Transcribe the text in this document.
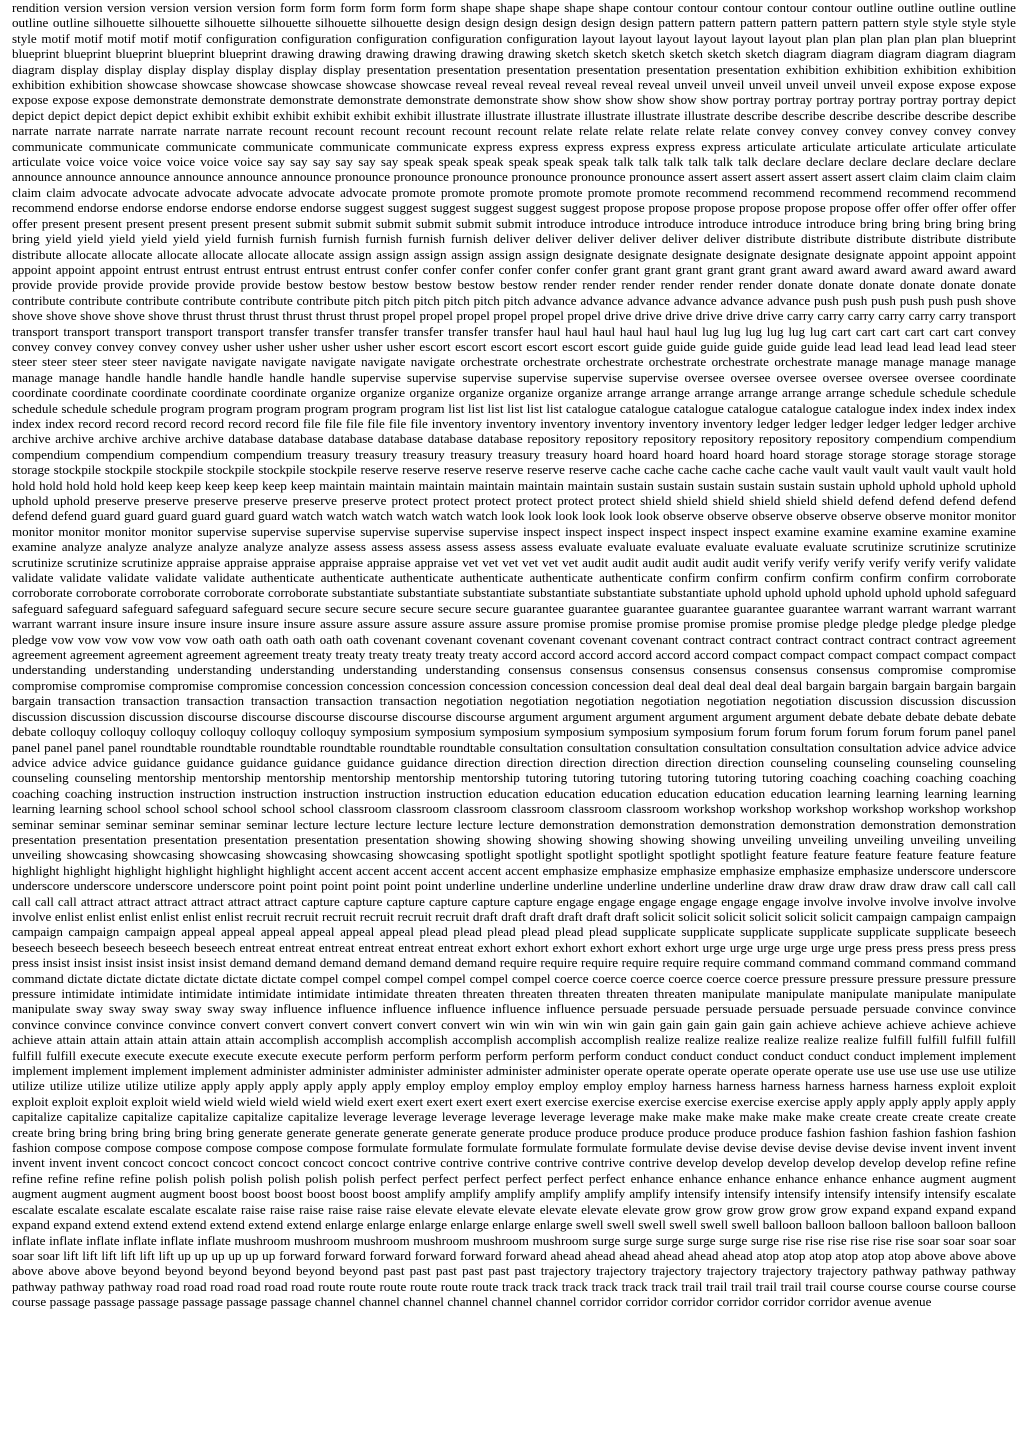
rendition version version version version version form form form form form form shape shape shape shape shape contour contour contour contour contour outline outline outline outline outline outline silhouette silhouette silhouette silhouette silhouette silhouette design design design design design design pattern pattern pattern pattern pattern pattern style style style style style motif motif motif motif motif configuration configuration configuration configuration configuration layout layout layout layout layout layout plan plan plan plan plan plan blueprint blueprint blueprint blueprint blueprint blueprint drawing drawing drawing drawing drawing drawing sketch sketch sketch sketch sketch sketch diagram diagram diagram diagram diagram diagram display display display display display display display presentation presentation presentation presentation presentation presentation exhibition exhibition exhibition exhibition exhibition exhibition showcase showcase showcase showcase showcase showcase reveal reveal reveal reveal reveal reveal unveil unveil unveil unveil unveil unveil expose expose expose expose expose expose demonstrate demonstrate demonstrate demonstrate demonstrate demonstrate show show show show show show portray portray portray portray portray portray depict depict depict depict depict depict exhibit exhibit exhibit exhibit exhibit exhibit illustrate illustrate illustrate illustrate illustrate illustrate describe describe describe describe describe describe narrate narrate narrate narrate narrate narrate recount recount recount recount recount recount relate relate relate relate relate relate convey convey convey convey convey convey communicate communicate communicate communicate communicate communicate express express express express express express articulate articulate articulate articulate articulate articulate voice voice voice voice voice voice say say say say say say speak speak speak speak speak speak talk talk talk talk talk talk declare declare declare declare declare declare announce announce announce announce announce announce pronounce pronounce pronounce pronounce pronounce pronounce assert assert assert assert assert assert claim claim claim claim claim claim advocate advocate advocate advocate advocate advocate promote promote promote promote promote promote recommend recommend recommend recommend recommend recommend endorse endorse endorse endorse endorse endorse suggest suggest suggest suggest suggest suggest propose propose propose propose propose propose offer offer offer offer offer offer present present present present present present submit submit submit submit submit submit introduce introduce introduce introduce introduce introduce bring bring bring bring bring bring yield yield yield yield yield yield furnish furnish furnish furnish furnish furnish deliver deliver deliver deliver deliver deliver distribute distribute distribute distribute distribute distribute allocate allocate allocate allocate allocate allocate assign assign assign assign assign assign designate designate designate designate designate designate appoint appoint appoint appoint appoint appoint entrust entrust entrust entrust entrust entrust confer confer confer confer confer confer grant grant grant grant grant grant award award award award award award provide provide provide provide provide provide bestow bestow bestow bestow bestow bestow render render render render render render donate donate donate donate donate donate contribute contribute contribute contribute contribute contribute pitch pitch pitch pitch pitch pitch advance advance advance advance advance advance push push push push push push shove shove shove shove shove shove thrust thrust thrust thrust thrust thrust propel propel propel propel propel propel drive drive drive drive drive drive carry carry carry carry carry carry transport transport transport transport transport transport transfer transfer transfer transfer transfer transfer haul haul haul haul haul haul lug lug lug lug lug lug cart cart cart cart cart cart convey convey convey convey convey convey usher usher usher usher usher usher escort escort escort escort escort escort guide guide guide guide guide guide lead lead lead lead lead lead steer steer steer steer steer steer navigate navigate navigate navigate navigate navigate orchestrate orchestrate orchestrate orchestrate orchestrate orchestrate manage manage manage manage manage manage handle handle handle handle handle handle supervise supervise supervise supervise supervise supervise oversee oversee oversee oversee oversee oversee coordinate coordinate coordinate coordinate coordinate coordinate organize organize organize organize organize organize arrange arrange arrange arrange arrange arrange schedule schedule schedule schedule schedule schedule program program program program program program list list list list list list catalogue catalogue catalogue catalogue catalogue catalogue index index index index index index record record record record record record file file file file file file inventory inventory inventory inventory inventory inventory ledger ledger ledger ledger ledger ledger archive archive archive archive archive archive database database database database database database repository repository repository repository repository repository compendium compendium compendium compendium compendium compendium treasury treasury treasury treasury treasury treasury hoard hoard hoard hoard hoard hoard storage storage storage storage storage storage stockpile stockpile stockpile stockpile stockpile stockpile reserve reserve reserve reserve reserve reserve cache cache cache cache cache cache vault vault vault vault vault vault hold hold hold hold hold hold keep keep keep keep keep keep maintain maintain maintain maintain maintain maintain sustain sustain sustain sustain sustain sustain uphold uphold uphold uphold uphold uphold preserve preserve preserve preserve preserve preserve protect protect protect protect protect protect shield shield shield shield shield shield defend defend defend defend defend defend guard guard guard guard guard guard watch watch watch watch watch watch look look look look look look observe observe observe observe observe observe monitor monitor monitor monitor monitor monitor supervise supervise supervise supervise supervise supervise inspect inspect inspect inspect inspect inspect examine examine examine examine examine examine analyze analyze analyze analyze analyze analyze assess assess assess assess assess assess evaluate evaluate evaluate evaluate evaluate evaluate scrutinize scrutinize scrutinize scrutinize scrutinize scrutinize appraise appraise appraise appraise appraise appraise vet vet vet vet vet vet audit audit audit audit audit audit verify verify verify verify verify verify validate validate validate validate validate validate authenticate authenticate authenticate authenticate authenticate authenticate confirm confirm confirm confirm confirm confirm corroborate corroborate corroborate corroborate corroborate corroborate substantiate substantiate substantiate substantiate substantiate substantiate uphold uphold uphold uphold uphold uphold safeguard safeguard safeguard safeguard safeguard safeguard secure secure secure secure secure secure guarantee guarantee guarantee guarantee guarantee guarantee warrant warrant warrant warrant warrant warrant insure insure insure insure insure insure assure assure assure assure assure assure promise promise promise promise promise promise pledge pledge pledge pledge pledge pledge vow vow vow vow vow vow oath oath oath oath oath oath covenant covenant covenant covenant covenant covenant contract contract contract contract contract contract agreement agreement agreement agreement agreement agreement treaty treaty treaty treaty treaty treaty accord accord accord accord accord accord compact compact compact compact compact compact understanding understanding understanding understanding understanding understanding consensus consensus consensus consensus consensus consensus compromise compromise compromise compromise compromise compromise concession concession concession concession concession concession deal deal deal deal deal deal bargain bargain bargain bargain bargain bargain transaction transaction transaction transaction transaction transaction negotiation negotiation negotiation negotiation negotiation negotiation discussion discussion discussion discussion discussion discussion discourse discourse discourse discourse discourse discourse argument argument argument argument argument argument debate debate debate debate debate debate colloquy colloquy colloquy colloquy colloquy colloquy symposium symposium symposium symposium symposium symposium forum forum forum forum forum forum panel panel panel panel panel panel roundtable roundtable roundtable roundtable roundtable roundtable consultation consultation consultation consultation consultation consultation advice advice advice advice advice advice guidance guidance guidance guidance guidance guidance direction direction direction direction direction direction counseling counseling counseling counseling counseling counseling mentorship mentorship mentorship mentorship mentorship mentorship tutoring tutoring tutoring tutoring tutoring tutoring coaching coaching coaching coaching coaching coaching instruction instruction instruction instruction instruction instruction education education education education education education learning learning learning learning learning learning school school school school school school classroom classroom classroom classroom classroom classroom workshop workshop workshop workshop workshop workshop seminar seminar seminar seminar seminar seminar lecture lecture lecture lecture lecture lecture demonstration demonstration demonstration demonstration demonstration demonstration presentation presentation presentation presentation presentation presentation showing showing showing showing showing showing unveiling unveiling unveiling unveiling unveiling unveiling showcasing showcasing showcasing showcasing showcasing showcasing spotlight spotlight spotlight spotlight spotlight spotlight feature feature feature feature feature feature highlight highlight highlight highlight highlight highlight accent accent accent accent accent accent emphasize emphasize emphasize emphasize emphasize emphasize underscore underscore underscore underscore underscore underscore point point point point point point underline underline underline underline underline underline draw draw draw draw draw draw call call call call call call attract attract attract attract attract attract capture capture capture capture capture capture engage engage engage engage engage engage involve involve involve involve involve involve enlist enlist enlist enlist enlist enlist recruit recruit recruit recruit recruit recruit draft draft draft draft draft draft solicit solicit solicit solicit solicit solicit campaign campaign campaign campaign campaign campaign appeal appeal appeal appeal appeal appeal plead plead plead plead plead plead supplicate supplicate supplicate supplicate supplicate supplicate beseech beseech beseech beseech beseech beseech entreat entreat entreat entreat entreat entreat exhort exhort exhort exhort exhort exhort urge urge urge urge urge urge press press press press press press insist insist insist insist insist insist demand demand demand demand demand demand require require require require require require command command command command command command dictate dictate dictate dictate dictate dictate compel compel compel compel compel compel coerce coerce coerce coerce coerce coerce pressure pressure pressure pressure pressure pressure intimidate intimidate intimidate intimidate intimidate intimidate threaten threaten threaten threaten threaten threaten manipulate manipulate manipulate manipulate manipulate manipulate sway sway sway sway sway sway influence influence influence influence influence influence persuade persuade persuade persuade persuade persuade convince convince convince convince convince convince convert convert convert convert convert convert win win win win win win gain gain gain gain gain gain achieve achieve achieve achieve achieve achieve attain attain attain attain attain attain accomplish accomplish accomplish accomplish accomplish accomplish realize realize realize realize realize realize fulfill fulfill fulfill fulfill fulfill fulfill execute execute execute execute execute execute perform perform perform perform perform perform conduct conduct conduct conduct conduct conduct implement implement implement implement implement implement administer administer administer administer administer administer operate operate operate operate operate operate use use use use use use utilize utilize utilize utilize utilize utilize apply apply apply apply apply apply employ employ employ employ employ employ harness harness harness harness harness harness exploit exploit exploit exploit exploit exploit wield wield wield wield wield wield exert exert exert exert exert exert exercise exercise exercise exercise exercise exercise apply apply apply apply apply apply capitalize capitalize capitalize capitalize capitalize capitalize leverage leverage leverage leverage leverage leverage make make make make make make create create create create create create bring bring bring bring bring bring generate generate generate generate generate generate produce produce produce produce produce produce fashion fashion fashion fashion fashion fashion compose compose compose compose compose compose formulate formulate formulate formulate formulate formulate devise devise devise devise devise devise invent invent invent invent invent invent concoct concoct concoct concoct concoct concoct contrive contrive contrive contrive contrive contrive develop develop develop develop develop develop refine refine refine refine refine refine polish polish polish polish polish polish perfect perfect perfect perfect perfect perfect enhance enhance enhance enhance enhance enhance augment augment augment augment augment augment boost boost boost boost boost boost amplify amplify amplify amplify amplify amplify intensify intensify intensify intensify intensify intensify escalate escalate escalate escalate escalate escalate raise raise raise raise raise raise elevate elevate elevate elevate elevate elevate grow grow grow grow grow grow expand expand expand expand expand expand extend extend extend extend extend extend enlarge enlarge enlarge enlarge enlarge enlarge swell swell swell swell swell swell balloon balloon balloon balloon balloon balloon inflate inflate inflate inflate inflate inflate mushroom mushroom mushroom mushroom mushroom mushroom surge surge surge surge surge surge rise rise rise rise rise rise soar soar soar soar soar soar lift lift lift lift lift lift up up up up up up forward forward forward forward forward forward ahead ahead ahead ahead ahead ahead atop atop atop atop atop atop above above above above above above beyond beyond beyond beyond beyond beyond past past past past past past trajectory trajectory trajectory trajectory trajectory trajectory pathway pathway pathway pathway pathway pathway road road road road road road route route route route route route track track track track track track trail trail trail trail trail trail course course course course course course passage passage passage passage passage passage channel channel channel channel channel channel corridor corridor corridor corridor corridor corridor avenue avenue
